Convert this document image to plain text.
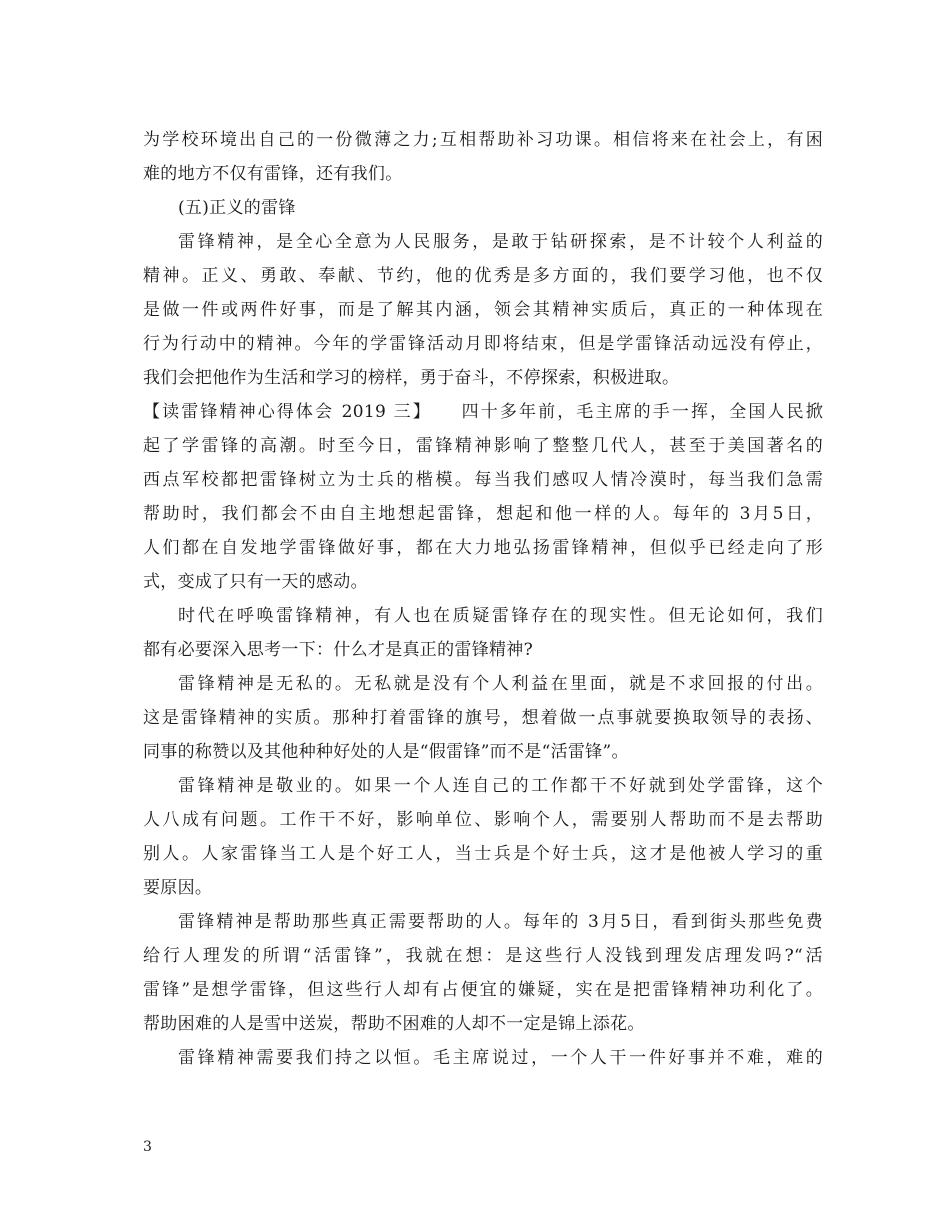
为学校环境出自己的一份微薄之力;互相帮助补习功课。相信将来在社会上，有困
难的地方不仅有雷锋，还有我们。
(五)正义的雷锋
雷锋精神，是全心全意为人民服务，是敢于钻研探索，是不计较个人利益的
精神。正义、勇敢、奉献、节约，他的优秀是多方面的，我们要学习他，也不仅
是做一件或两件好事，而是了解其内涵，领会其精神实质后，真正的一种体现在
行为行动中的精神。今年的学雷锋活动月即将结束，但是学雷锋活动远没有停止，
我们会把他作为生活和学习的榜样，勇于奋斗，不停探索，积极进取。
【读雷锋精神心得体会 2019 三】　　四十多年前，毛主席的手一挥，全国人民掀
起了学雷锋的高潮。时至今日，雷锋精神影响了整整几代人，甚至于美国著名的
西点军校都把雷锋树立为士兵的楷模。每当我们感叹人情冷漠时，每当我们急需
帮助时，我们都会不由自主地想起雷锋，想起和他一样的人。每年的 3月5日，
人们都在自发地学雷锋做好事，都在大力地弘扬雷锋精神，但似乎已经走向了形
式，变成了只有一天的感动。
时代在呼唤雷锋精神，有人也在质疑雷锋存在的现实性。但无论如何，我们
都有必要深入思考一下：什么才是真正的雷锋精神?
雷锋精神是无私的。无私就是没有个人利益在里面，就是不求回报的付出。
这是雷锋精神的实质。那种打着雷锋的旗号，想着做一点事就要换取领导的表扬、
同事的称赞以及其他种种好处的人是“假雷锋”而不是“活雷锋”。
雷锋精神是敬业的。如果一个人连自己的工作都干不好就到处学雷锋，这个
人八成有问题。工作干不好，影响单位、影响个人，需要别人帮助而不是去帮助
别人。人家雷锋当工人是个好工人，当士兵是个好士兵，这才是他被人学习的重
要原因。
雷锋精神是帮助那些真正需要帮助的人。每年的 3月5日，看到街头那些免费
给行人理发的所谓“活雷锋”，我就在想：是这些行人没钱到理发店理发吗?“活
雷锋”是想学雷锋，但这些行人却有占便宜的嫌疑，实在是把雷锋精神功利化了。
帮助困难的人是雪中送炭，帮助不困难的人却不一定是锦上添花。
雷锋精神需要我们持之以恒。毛主席说过，一个人干一件好事并不难，难的
3
